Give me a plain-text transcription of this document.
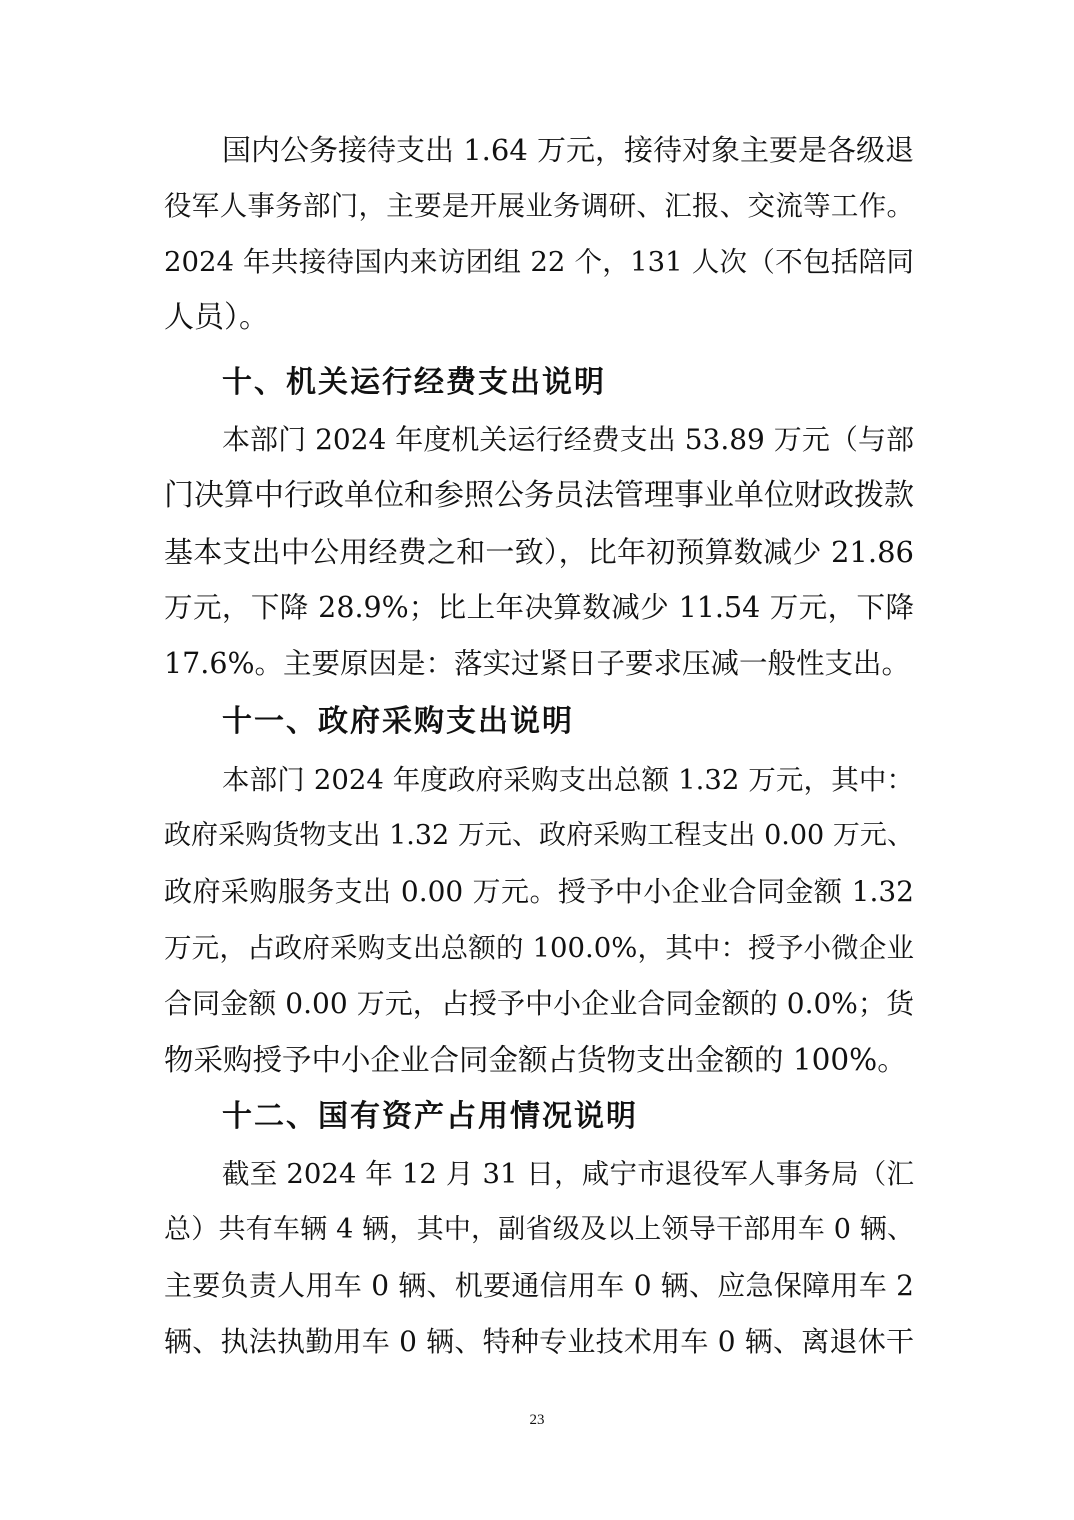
国内公务接待支出 1.64 万元，接待对象主要是各级退
役军人事务部门，主要是开展业务调研、汇报、交流等工作。
2024 年共接待国内来访团组 22 个，131 人次（不包括陪同
人员）。
十、机关运行经费支出说明
本部门 2024 年度机关运行经费支出 53.89 万元（与部
门决算中行政单位和参照公务员法管理事业单位财政拨款
基本支出中公用经费之和一致），比年初预算数减少 21.86
万元，下降 28.9%；比上年决算数减少 11.54 万元，下降
17.6%。主要原因是：落实过紧日子要求压减一般性支出。
十一、政府采购支出说明
本部门 2024 年度政府采购支出总额 1.32 万元，其中：
政府采购货物支出 1.32 万元、政府采购工程支出 0.00 万元、
政府采购服务支出 0.00 万元。授予中小企业合同金额 1.32
万元，占政府采购支出总额的 100.0%，其中：授予小微企业
合同金额 0.00 万元，占授予中小企业合同金额的 0.0%；货
物采购授予中小企业合同金额占货物支出金额的 100%。
十二、国有资产占用情况说明
截至 2024 年 12 月 31 日，咸宁市退役军人事务局（汇
总）共有车辆 4 辆，其中，副省级及以上领导干部用车 0 辆、
主要负责人用车 0 辆、机要通信用车 0 辆、应急保障用车 2
辆、执法执勤用车 0 辆、特种专业技术用车 0 辆、离退休干
23
